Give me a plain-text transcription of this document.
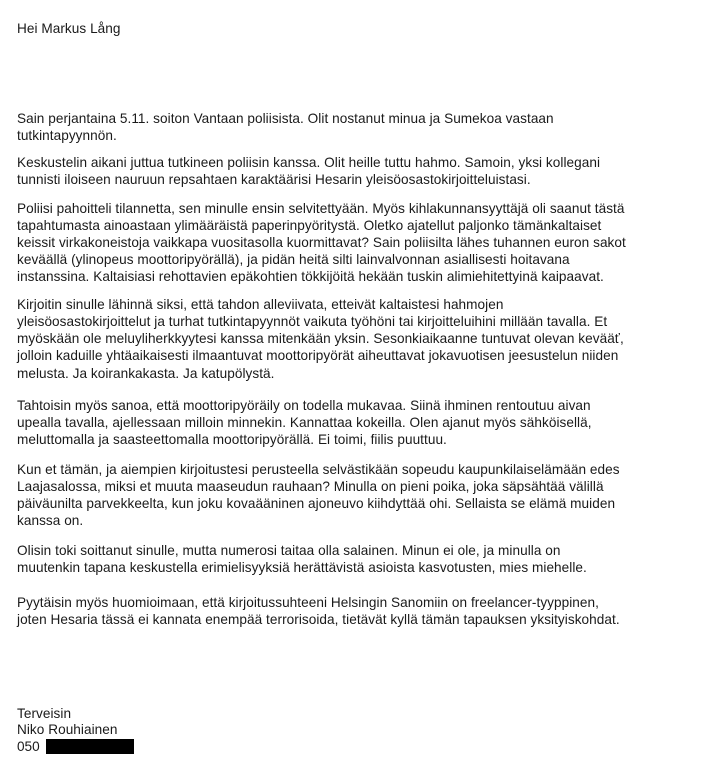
Hei Markus Lång
Sain perjantaina 5.11. soiton Vantaan poliisista. Olit nostanut minua ja Sumekoa vastaan
tutkintapyynnön.
Keskustelin aikani juttua tutkineen poliisin kanssa. Olit heille tuttu hahmo. Samoin, yksi kollegani
tunnisti iloiseen nauruun repsahtaen karaktäärisi Hesarin yleisöosastokirjoitteluistasi.
Poliisi pahoitteli tilannetta, sen minulle ensin selvitettyään. Myös kihlakunnansyyttäjä oli saanut tästä
tapahtumasta ainoastaan ylimääräistä paperinpyöritystä. Oletko ajatellut paljonko tämänkaltaiset
keissit virkakoneistoja vaikkapa vuositasolla kuormittavat? Sain poliisilta lähes tuhannen euron sakot
keväällä (ylinopeus moottoripyörällä), ja pidän heitä silti lainvalvonnan asiallisesti hoitavana
instanssina. Kaltaisiasi rehottavien epäkohtien tökkijöitä hekään tuskin alimiehitettyinä kaipaavat.
Kirjoitin sinulle lähinnä siksi, että tahdon alleviivata, etteivät kaltaistesi hahmojen
yleisöosastokirjoittelut ja turhat tutkintapyynnöt vaikuta työhöni tai kirjoitteluihini millään tavalla. Et
myöskään ole meluyliherkkyytesi kanssa mitenkään yksin. Sesonkiaikaanne tuntuvat olevan kevääť,
jolloin kaduille yhtäaikaisesti ilmaantuvat moottoripyörät aiheuttavat jokavuotisen jeesustelun niiden
melusta. Ja koirankakasta. Ja katupölystä.
Tahtoisin myös sanoa, että moottoripyöräily on todella mukavaa. Siinä ihminen rentoutuu aivan
upealla tavalla, ajellessaan milloin minnekin. Kannattaa kokeilla. Olen ajanut myös sähköisellä,
meluttomalla ja saasteettomalla moottoripyörällä. Ei toimi, fiilis puuttuu.
Kun et tämän, ja aiempien kirjoitustesi perusteella selvästikään sopeudu kaupunkilaiselämään edes
Laajasalossa, miksi et muuta maaseudun rauhaan? Minulla on pieni poika, joka säpsähtää välillä
päiväunilta parvekkeelta, kun joku kovaääninen ajoneuvo kiihdyttää ohi. Sellaista se elämä muiden
kanssa on.
Olisin toki soittanut sinulle, mutta numerosi taitaa olla salainen. Minun ei ole, ja minulla on
muutenkin tapana keskustella erimielisyyksiä herättävistä asioista kasvotusten, mies miehelle.
Pyytäisin myös huomioimaan, että kirjoitussuhteeni Helsingin Sanomiin on freelancer-tyyppinen,
joten Hesaria tässä ei kannata enempää terrorisoida, tietävät kyllä tämän tapauksen yksityiskohdat.
Terveisin
Niko Rouhiainen
050
